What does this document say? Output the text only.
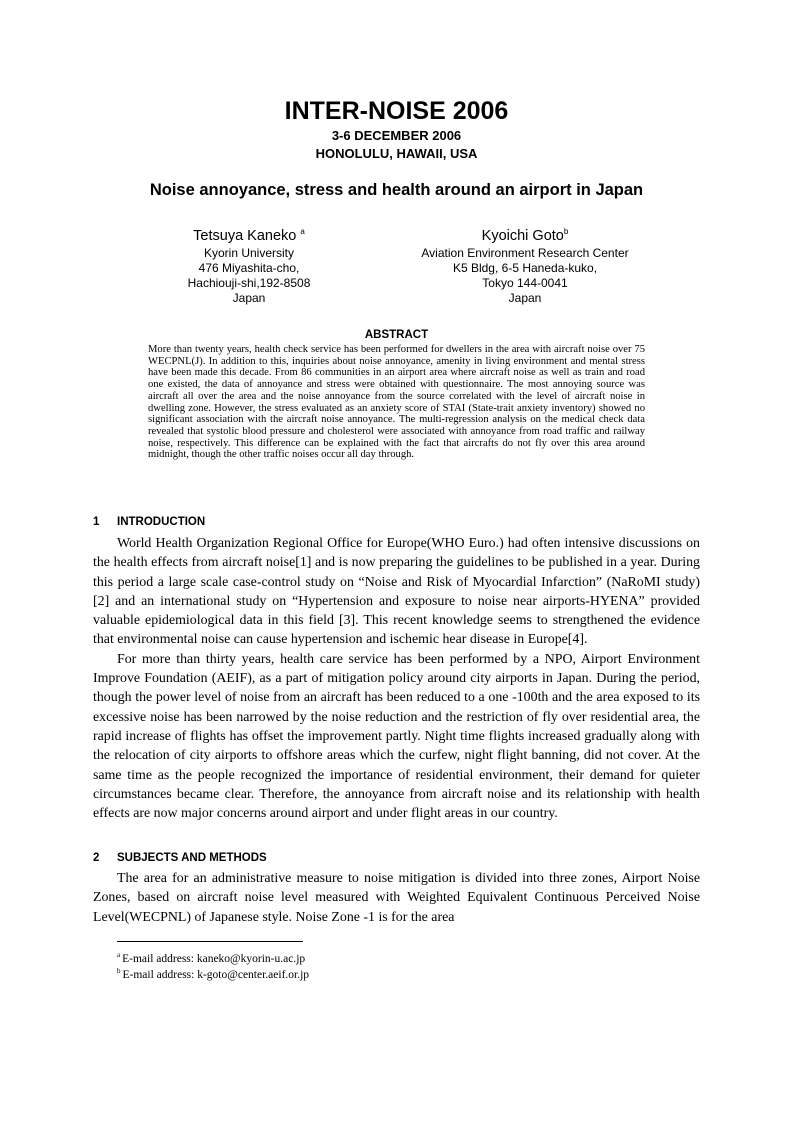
INTER-NOISE 2006
3-6 DECEMBER 2006
HONOLULU, HAWAII, USA
Noise annoyance, stress and health around an airport in Japan
Tetsuya Kaneko $^a$
Kyorin University
476 Miyashita-cho,
Hachiouji-shi,192-8508
Japan
Kyoichi Goto$^b$
Aviation Environment Research Center
K5 Bldg, 6-5 Haneda-kuko,
Tokyo 144-0041
Japan
ABSTRACT
More than twenty years, health check service has been performed for dwellers in the area with aircraft noise over 75 WECPNL(J). In addition to this, inquiries about noise annoyance, amenity in living environment and mental stress have been made this decade. From 86 communities in an airport area where aircraft noise as well as train and road one existed, the data of annoyance and stress were obtained with questionnaire. The most annoying source was aircraft all over the area and the noise annoyance from the source correlated with the level of aircraft noise in dwelling zone. However, the stress evaluated as an anxiety score of STAI (State-trait anxiety inventory) showed no significant association with the aircraft noise annoyance. The multi-regression analysis on the medical check data revealed that systolic blood pressure and cholesterol were associated with annoyance from road traffic and railway noise, respectively. This difference can be explained with the fact that aircrafts do not fly over this area around midnight, though the other traffic noises occur all day through.
1 INTRODUCTION

World Health Organization Regional Office for Europe(WHO Euro.) had often intensive discussions on the health effects from aircraft noise[1] and is now preparing the guidelines to be published in a year. During this period a large scale case-control study on “Noise and Risk of Myocardial Infarction” (NaRoMI study) [2] and an international study on “Hypertension and exposure to noise near airports-HYENA” provided valuable epidemiological data in this field [3]. This recent knowledge seems to strengthened the evidence that environmental noise can cause hypertension and ischemic hear disease in Europe[4].

For more than thirty years, health care service has been performed by a NPO, Airport Environment Improve Foundation (AEIF), as a part of mitigation policy around city airports in Japan. During the period, though the power level of noise from an aircraft has been reduced to a one -100th and the area exposed to its excessive noise has been narrowed by the noise reduction and the restriction of fly over residential area, the rapid increase of flights has offset the improvement partly. Night time flights increased gradually along with the relocation of city airports to offshore areas which the curfew, night flight banning, did not cover. At the same time as the people recognized the importance of residential environment, their demand for quieter circumstances became clear. Therefore, the annoyance from aircraft noise and its relationship with health effects are now major concerns around airport and under flight areas in our country.

2 SUBJECTS AND METHODS

The area for an administrative measure to noise mitigation is divided into three zones, Airport Noise Zones, based on aircraft noise level measured with Weighted Equivalent Continuous Perceived Noise Level(WECPNL) of Japanese style. Noise Zone -1 is for the area

$^a$ E-mail address: kaneko@kyorin-u.ac.jp
$^b$ E-mail address: k-goto@center.aeif.or.jp
